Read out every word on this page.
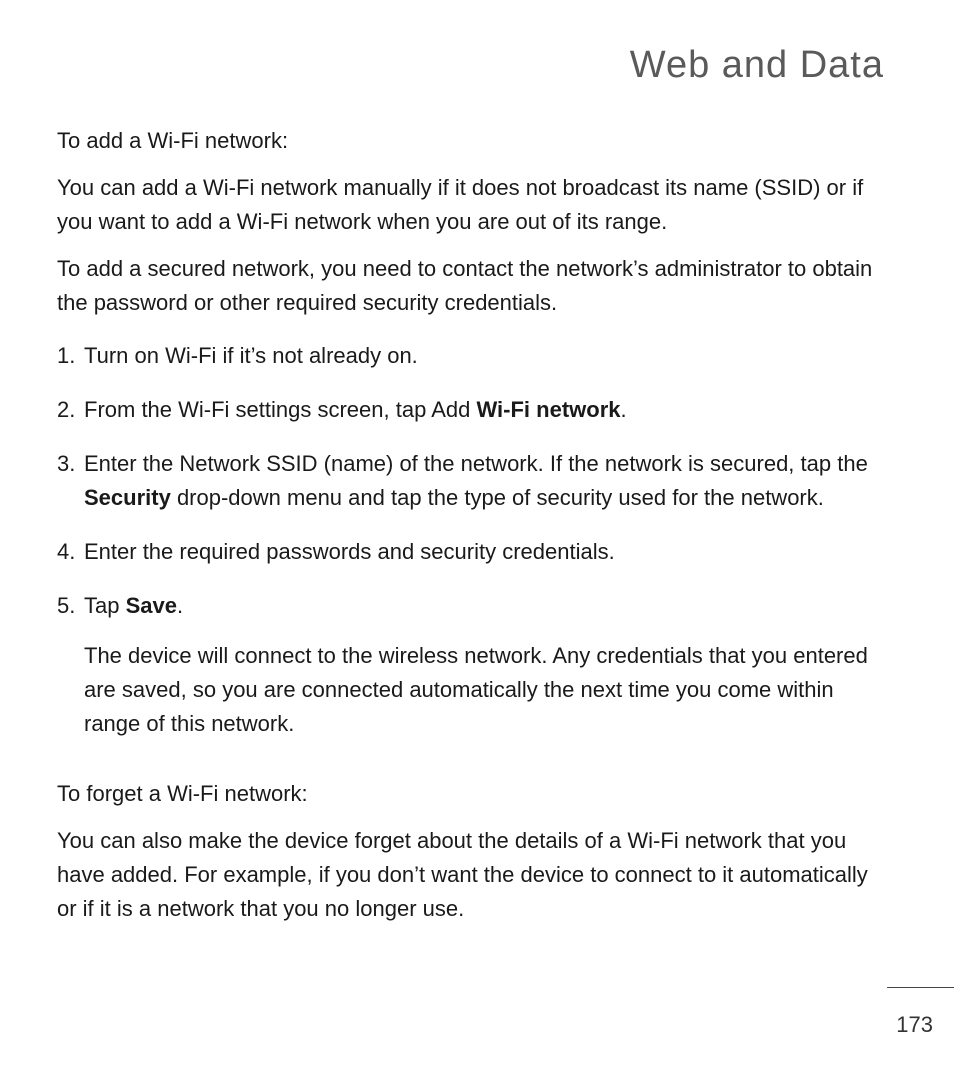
Web and Data
To add a Wi-Fi network:

You can add a Wi-Fi network manually if it does not broadcast its name (SSID) or if you want to add a Wi-Fi network when you are out of its range.

To add a secured network, you need to contact the network’s administrator to obtain the password or other required security credentials.

1. Turn on Wi-Fi if it’s not already on.
2. From the Wi-Fi settings screen, tap Add Wi-Fi network.
3. Enter the Network SSID (name) of the network. If the network is secured, tap the Security drop-down menu and tap the type of security used for the network.
4. Enter the required passwords and security credentials.
5. Tap Save.

The device will connect to the wireless network. Any credentials that you entered are saved, so you are connected automatically the next time you come within range of this network.

To forget a Wi-Fi network:

You can also make the device forget about the details of a Wi-Fi network that you have added. For example, if you don’t want the device to connect to it automatically or if it is a network that you no longer use.

173
